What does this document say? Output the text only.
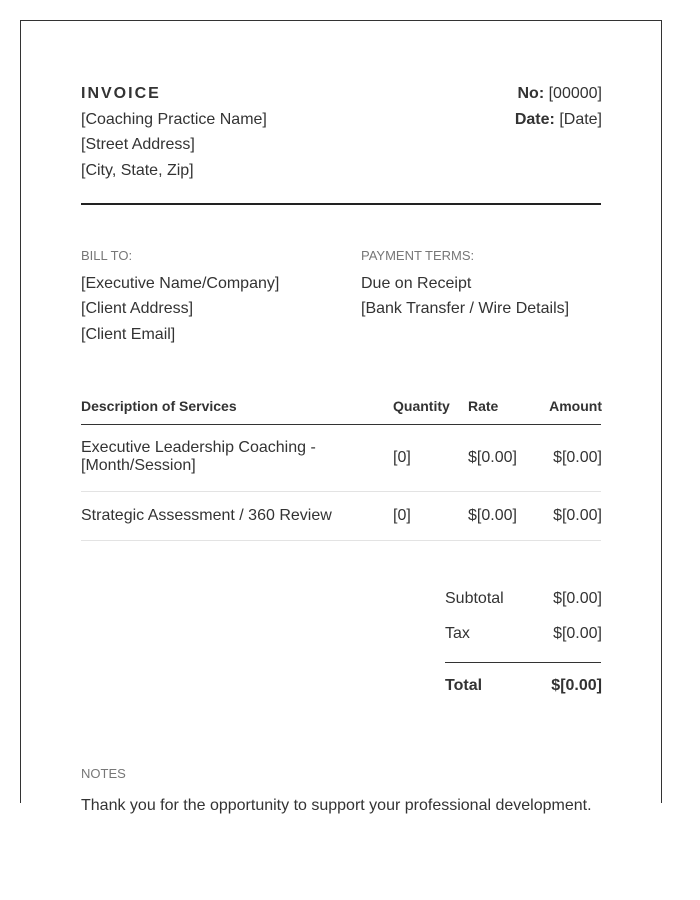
INVOICE
[Coaching Practice Name]
[Street Address]
[City, State, Zip]
No: [00000]
Date: [Date]
BILL TO:
[Executive Name/Company]
[Client Address]
[Client Email]
PAYMENT TERMS:
Due on Receipt
[Bank Transfer / Wire Details]
Description of Services	Quantity Rate	Amount
Executive Leadership Coaching - [Month/Session]	[0]	$[0.00] $[0.00]
Strategic Assessment / 360 Review	[0]	$[0.00] $[0.00]
Subtotal	$[0.00]
Tax	$[0.00]
Total	$[0.00]
NOTES
Thank you for the opportunity to support your professional development.
